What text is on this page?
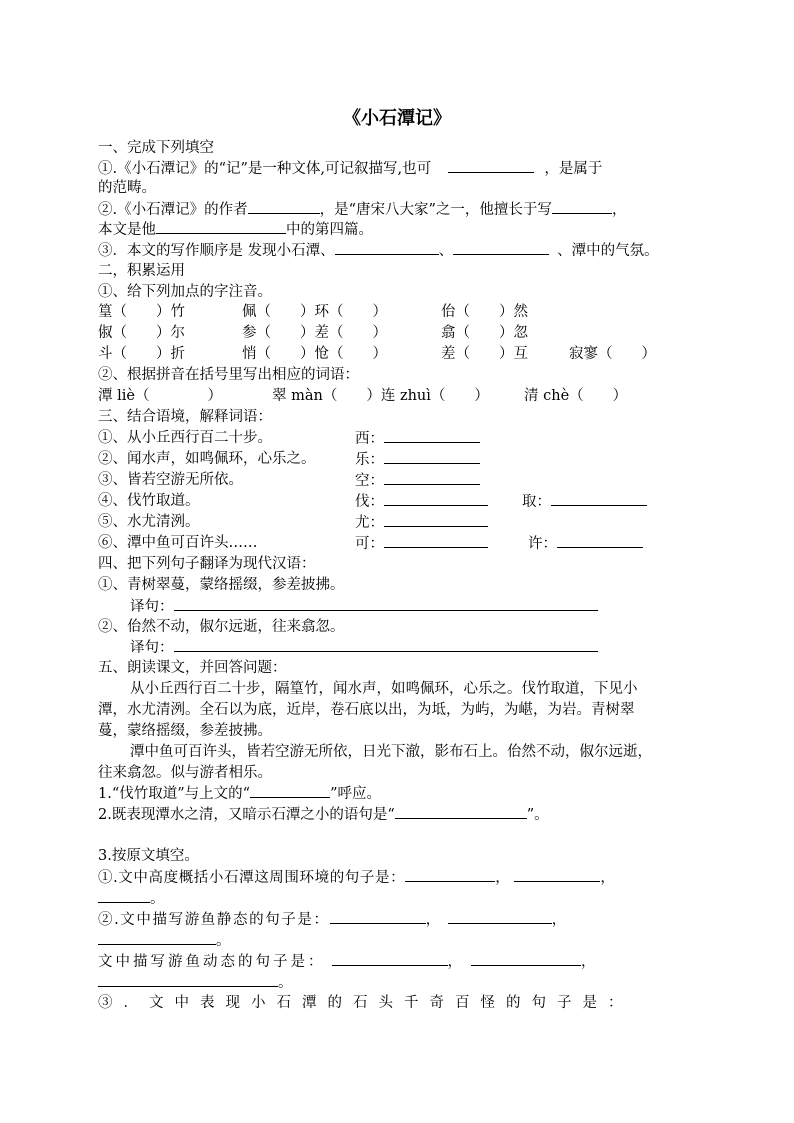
《小石潭记》
一、完成下列填空
①.《小石潭记》的“记”是一种文体,可记叙描写,也可	，是属于
的范畴。
②.《小石潭记》的作者	，是“唐宋八大家”之一，他擅长于写	，
本文是他	中的第四篇。
③．本文的写作顺序是 发现小石潭、	、	、潭中的气氛。
二，积累运用
①、给下列加点的字注音。
篁（　　）竹	佩（　　）环（　　）	佁（　　）然
俶（　　）尔	参（　　）差（　　）	翕（　　）忽
斗（　　）折	悄（　　）怆（　　）	差（　　）互	寂寥（　　）
②、根据拼音在括号里写出相应的词语：
潭 liè（　　　　）	翠 màn（　　）连 zhuì（　　） 清 chè（　　）
三、结合语境，解释词语：
①、从小丘西行百二十步。	西：
②、闻水声，如鸣佩环，心乐之。	乐：
③、皆若空游无所依。	空：
④、伐竹取道。	伐：	取：
⑤、水尤清洌。	尤：
⑥、潭中鱼可百许头……	可：	许：
四、把下列句子翻译为现代汉语：
①、青树翠蔓，蒙络摇缀，参差披拂。
译句：
②、佁然不动，俶尔远逝，往来翕忽。
译句：
五、朗读课文，并回答问题：
从小丘西行百二十步，隔篁竹，闻水声，如鸣佩环，心乐之。伐竹取道，下见小
潭，水尤清洌。全石以为底，近岸，卷石底以出，为坻，为屿，为嵁，为岩。青树翠
蔓，蒙络摇缀，参差披拂。
潭中鱼可百许头，皆若空游无所依，日光下澈，影布石上。佁然不动，俶尔远逝，
往来翕忽。似与游者相乐。
1.“伐竹取道”与上文的“	”呼应。
2.既表现潭水之清，又暗示石潭之小的语句是“	”。
3.按原文填空。
①.文中高度概括小石潭这周围环境的句子是：	，	，
。
②.文中描写游鱼静态的句子是：	，	，
。
文中描写游鱼动态的句子是：	，	，
。
③．文中表现小石潭的石头千奇百怪的句子是：
